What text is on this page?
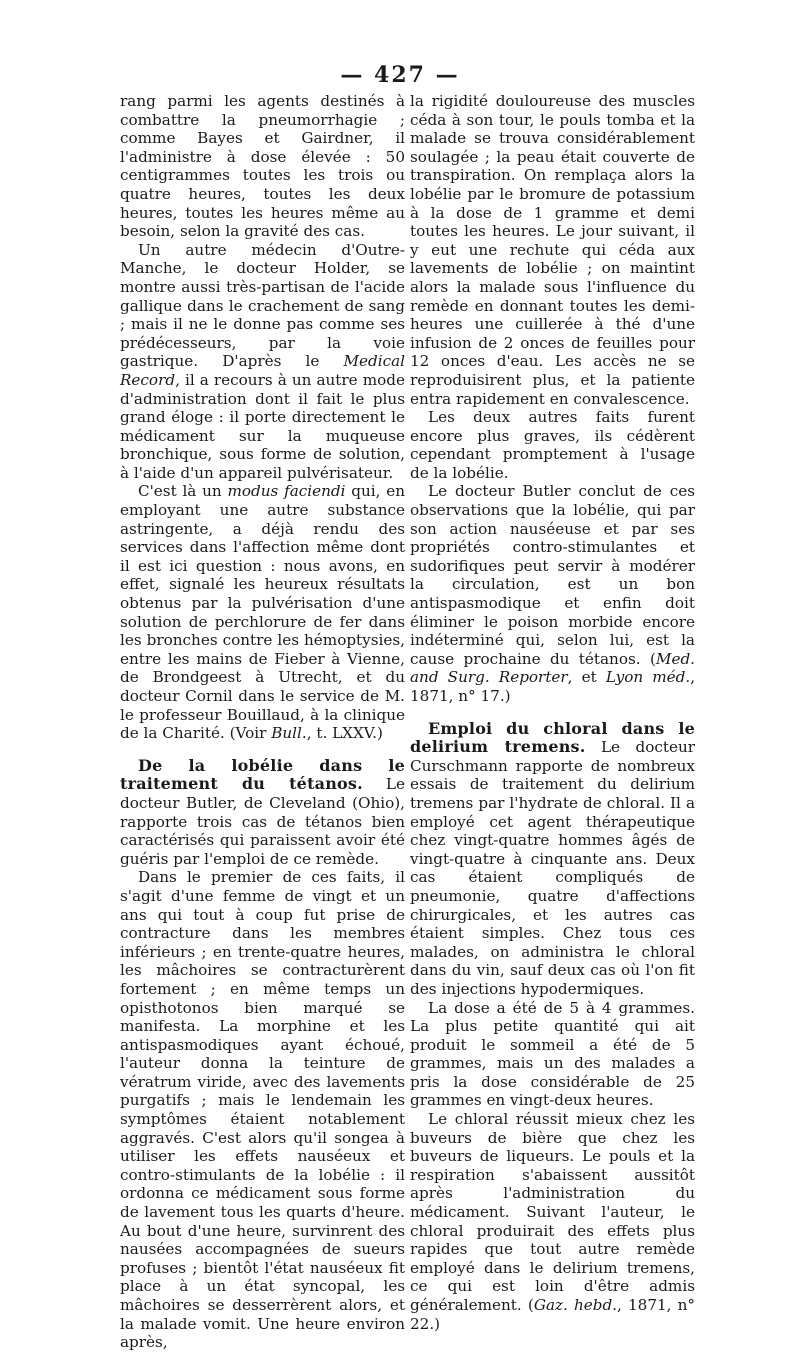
— 427 —

rang parmi les agents destinés à combattre la pneumorrhagie ; comme Bayes et Gairdner, il l'administre à dose élevée : 50 centigrammes toutes les trois ou quatre heures, toutes les deux heures, toutes les heures même au besoin, selon la gravité des cas.

Un autre médecin d'Outre-Manche, le docteur Holder, se montre aussi très-partisan de l'acide gallique dans le crachement de sang ; mais il ne le donne pas comme ses prédécesseurs, par la voie gastrique. D'après le Medical Record, il a recours à un autre mode d'administration dont il fait le plus grand éloge : il porte directement le médicament sur la muqueuse bronchique, sous forme de solution, à l'aide d'un appareil pulvérisateur.

C'est là un modus faciendi qui, en employant une autre substance astringente, a déjà rendu des services dans l'affection même dont il est ici question : nous avons, en effet, signalé les heureux résultats obtenus par la pulvérisation d'une solution de perchlorure de fer dans les bronches contre les hémoptysies, entre les mains de Fieber à Vienne, de Brondgeest à Utrecht, et du docteur Cornil dans le service de M. le professeur Bouillaud, à la clinique de la Charité. (Voir Bull., t. LXXV.)

De la lobélie dans le traitement du tétanos. Le docteur Butler, de Cleveland (Ohio), rapporte trois cas de tétanos bien caractérisés qui paraissent avoir été guéris par l'emploi de ce remède.

Dans le premier de ces faits, il s'agit d'une femme de vingt et un ans qui tout à coup fut prise de contracture dans les membres inférieurs ; en trente-quatre heures, les mâchoires se contracturèrent fortement ; en même temps un opisthotonos bien marqué se manifesta. La morphine et les antispasmodiques ayant échoué, l'auteur donna la teinture de vératrum viride, avec des lavements purgatifs ; mais le lendemain les symptômes étaient notablement aggravés. C'est alors qu'il songea à utiliser les effets nauséeux et contro-stimulants de la lobélie : il ordonna ce médicament sous forme de lavement tous les quarts d'heure. Au bout d'une heure, survinrent des nausées accompagnées de sueurs profuses ; bientôt l'état nauséeux fit place à un état syncopal, les mâchoires se desserrèrent alors, et la malade vomit. Une heure environ après,

la rigidité douloureuse des muscles céda à son tour, le pouls tomba et la malade se trouva considérablement soulagée ; la peau était couverte de transpiration. On remplaça alors la lobélie par le bromure de potassium à la dose de 1 gramme et demi toutes les heures. Le jour suivant, il y eut une rechute qui céda aux lavements de lobélie ; on maintint alors la malade sous l'influence du remède en donnant toutes les demi-heures une cuillerée à thé d'une infusion de 2 onces de feuilles pour 12 onces d'eau. Les accès ne se reproduisirent plus, et la patiente entra rapidement en convalescence.

Les deux autres faits furent encore plus graves, ils cédèrent cependant promptement à l'usage de la lobélie.

Le docteur Butler conclut de ces observations que la lobélie, qui par son action nauséeuse et par ses propriétés contro-stimulantes et sudorifiques peut servir à modérer la circulation, est un bon antispasmodique et enfin doit éliminer le poison morbide encore indéterminé qui, selon lui, est la cause prochaine du tétanos. (Med. and Surg. Reporter, et Lyon méd., 1871, n° 17.)

Emploi du chloral dans le delirium tremens. Le docteur Curschmann rapporte de nombreux essais de traitement du delirium tremens par l'hydrate de chloral. Il a employé cet agent thérapeutique chez vingt-quatre hommes âgés de vingt-quatre à cinquante ans. Deux cas étaient compliqués de pneumonie, quatre d'affections chirurgicales, et les autres cas étaient simples. Chez tous ces malades, on administra le chloral dans du vin, sauf deux cas où l'on fit des injections hypodermiques.

La dose a été de 5 à 4 grammes. La plus petite quantité qui ait produit le sommeil a été de 5 grammes, mais un des malades a pris la dose considérable de 25 grammes en vingt-deux heures.

Le chloral réussit mieux chez les buveurs de bière que chez les buveurs de liqueurs. Le pouls et la respiration s'abaissent aussitôt après l'administration du médicament. Suivant l'auteur, le chloral produirait des effets plus rapides que tout autre remède employé dans le delirium tremens, ce qui est loin d'être admis généralement. (Gaz. hebd., 1871, n° 22.)
